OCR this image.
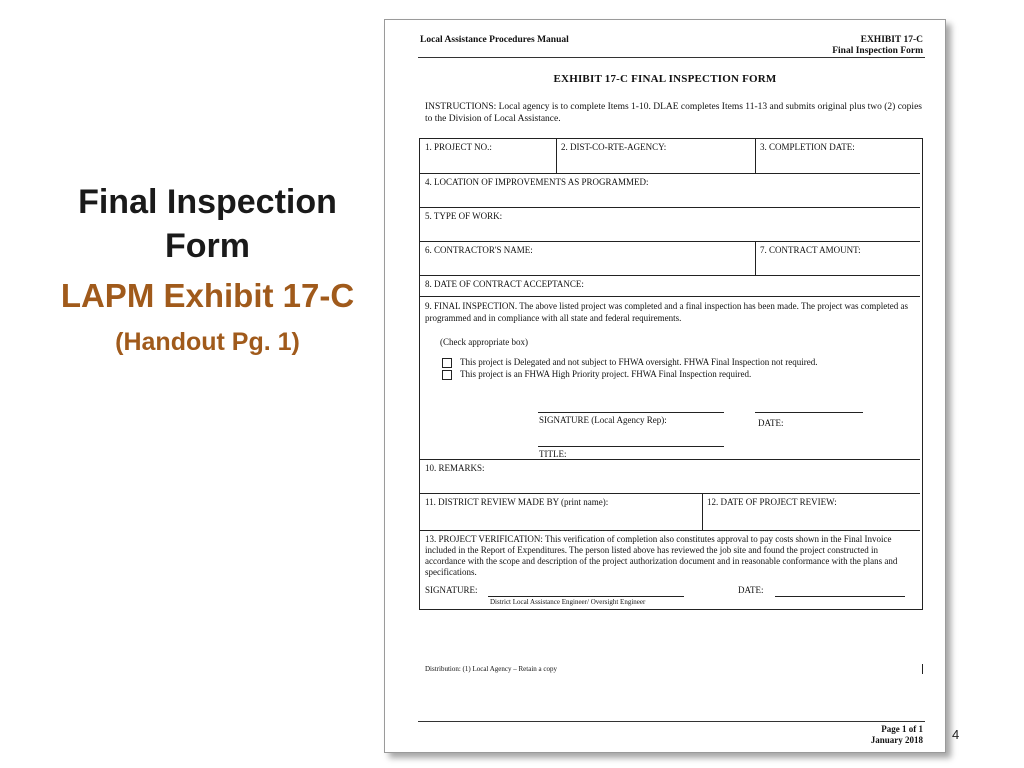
Final Inspection
Form
LAPM Exhibit 17-C
(Handout Pg. 1)
Local Assistance Procedures Manual	EXHIBIT 17-C
Final Inspection Form
EXHIBIT 17-C FINAL INSPECTION FORM
INSTRUCTIONS: Local agency is to complete Items 1-10. DLAE completes Items 11-13 and submits original plus two (2) copies to the Division of Local Assistance.
1. PROJECT NO.:	2. DIST-CO-RTE-AGENCY:	3. COMPLETION DATE:
4. LOCATION OF IMPROVEMENTS AS PROGRAMMED:
5. TYPE OF WORK:
6. CONTRACTOR'S NAME:	7. CONTRACT AMOUNT:
8. DATE OF CONTRACT ACCEPTANCE:
9. FINAL INSPECTION. The above listed project was completed and a final inspection has been made. The project was completed as programmed and in compliance with all state and federal requirements.
(Check appropriate box)
This project is Delegated and not subject to FHWA oversight. FHWA Final Inspection not required.
This project is an FHWA High Priority project. FHWA Final Inspection required.
SIGNATURE (Local Agency Rep):	DATE:
TITLE:
10. REMARKS:
11. DISTRICT REVIEW MADE BY (print name):	12. DATE OF PROJECT REVIEW:
13. PROJECT VERIFICATION: This verification of completion also constitutes approval to pay costs shown in the Final Invoice included in the Report of Expenditures. The person listed above has reviewed the job site and found the project constructed in accordance with the scope and description of the project authorization document and in reasonable conformance with the plans and specifications.
SIGNATURE:
District Local Assistance Engineer/ Oversight Engineer
DATE:
Distribution: (1) Local Agency – Retain a copy
Page 1 of 1
January 2018 4
